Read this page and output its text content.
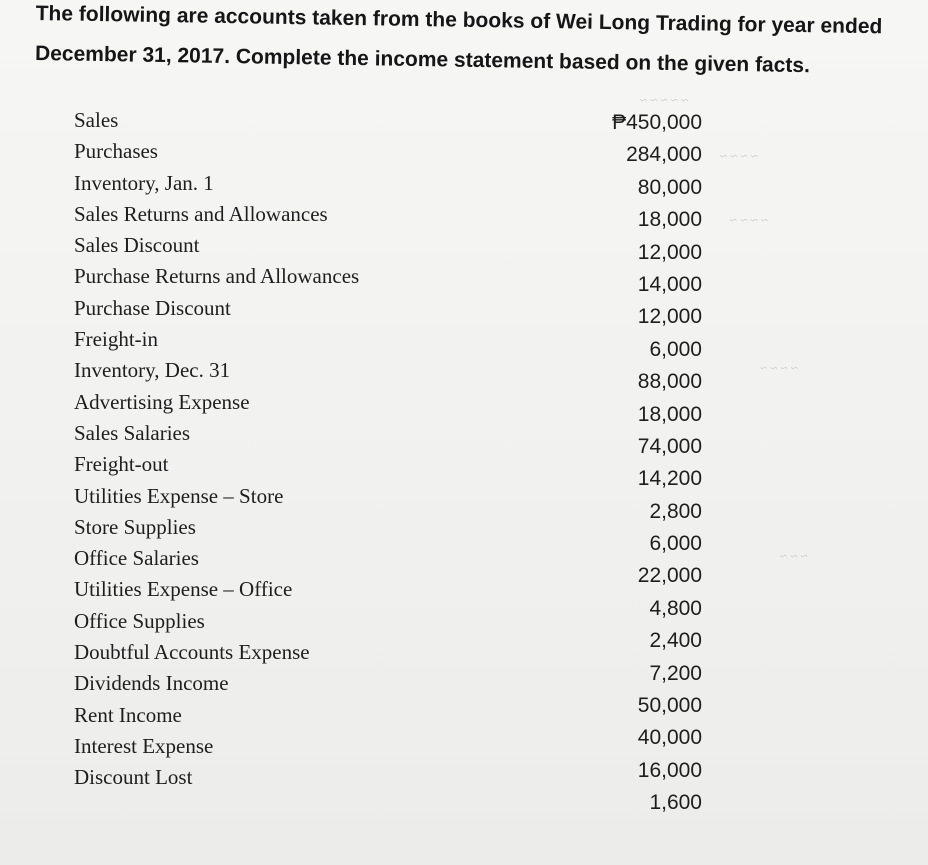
The following are accounts taken from the books of Wei Long Trading for year ended
December 31, 2017. Complete the income statement based on the given facts.
~ ~ ~ ~ ~
~ ~ ~ ~
~ ~ ~ ~
~ ~ ~ ~
~ ~ ~
Sales
Purchases
Inventory, Jan. 1
Sales Returns and Allowances
Sales Discount
Purchase Returns and Allowances
Purchase Discount
Freight-in
Inventory, Dec. 31
Advertising Expense
Sales Salaries
Freight-out
Utilities Expense – Store
Store Supplies
Office Salaries
Utilities Expense – Office
Office Supplies
Doubtful Accounts Expense
Dividends Income
Rent Income
Interest Expense
Discount Lost
₱450,000
284,000
80,000
18,000
12,000
14,000
12,000
6,000
88,000
18,000
74,000
14,200
2,800
6,000
22,000
4,800
2,400
7,200
50,000
40,000
16,000
1,600
